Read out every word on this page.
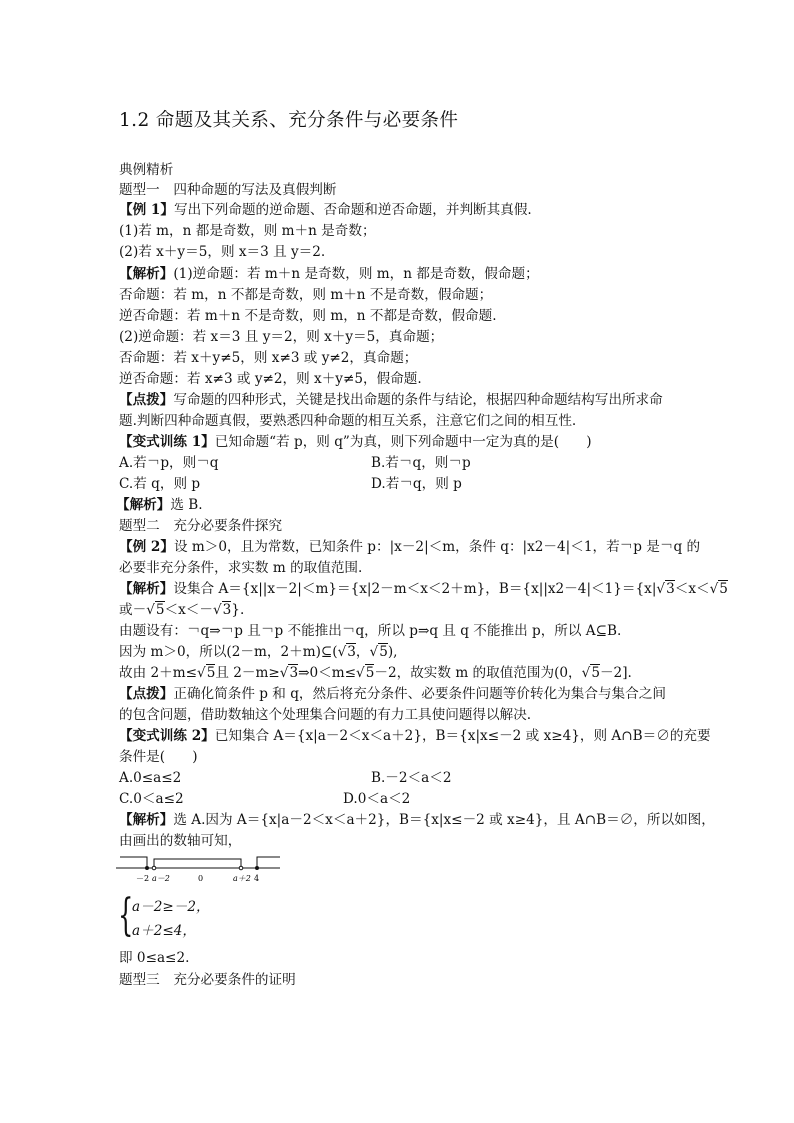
1.2 命题及其关系、充分条件与必要条件
典例精析
题型一　四种命题的写法及真假判断
【例 1】写出下列命题的逆命题、否命题和逆否命题，并判断其真假.
(1)若 m，n 都是奇数，则 m＋n 是奇数；
(2)若 x＋y＝5，则 x＝3 且 y＝2.
【解析】(1)逆命题：若 m＋n 是奇数，则 m，n 都是奇数，假命题；
否命题：若 m，n 不都是奇数，则 m＋n 不是奇数，假命题；
逆否命题：若 m＋n 不是奇数，则 m，n 不都是奇数，假命题.
(2)逆命题：若 x＝3 且 y＝2，则 x＋y＝5，真命题；
否命题：若 x＋y≠5，则 x≠3 或 y≠2，真命题；
逆否命题：若 x≠3 或 y≠2，则 x＋y≠5，假命题.
【点拨】写命题的四种形式，关键是找出命题的条件与结论，根据四种命题结构写出所求命
题.判断四种命题真假，要熟悉四种命题的相互关系，注意它们之间的相互性.
【变式训练 1】已知命题“若 p，则 q”为真，则下列命题中一定为真的是(　　)
A.若￢p，则￢q	B.若￢q，则￢p
C.若 q，则 p	D.若￢q，则 p
【解析】选 B.
题型二　充分必要条件探究
【例 2】设 m＞0，且为常数，已知条件 p：|x－2|＜m，条件 q：|x2－4|＜1，若￢p 是￢q 的
必要非充分条件，求实数 m 的取值范围.
【解析】设集合 A＝{x||x－2|＜m}＝{x|2－m＜x＜2＋m}，B＝{x||x2－4|＜1}＝{x|√3＜x＜√5
或－√5＜x＜－√3}.
由题设有：￢q⇒￢p 且￢p 不能推出￢q，所以 p⇒q 且 q 不能推出 p，所以 A⊆B.
因为 m＞0，所以(2－m，2＋m)⊆(√3，√5),
故由 2＋m≤√5且 2－m≥√3⇒0＜m≤√5－2，故实数 m 的取值范围为(0，√5－2].
【点拨】正确化简条件 p 和 q，然后将充分条件、必要条件问题等价转化为集合与集合之间
的包含问题，借助数轴这个处理集合问题的有力工具使问题得以解决.
【变式训练 2】已知集合 A＝{x|a－2＜x＜a＋2}，B＝{x|x≤－2 或 x≥4}，则 A∩B＝∅的充要
条件是(　　)
A.0≤a≤2	B.－2＜a＜2
C.0＜a≤2	D.0＜a＜2
【解析】选 A.因为 A＝{x|a－2＜x＜a＋2}，B＝{x|x≤－2 或 x≥4}，且 A∩B＝∅，所以如图，
由画出的数轴可知，
－2 a－2	0	a＋2 4
{
a－2≥－2，
a＋2≤4，
即 0≤a≤2.
题型三　充分必要条件的证明
